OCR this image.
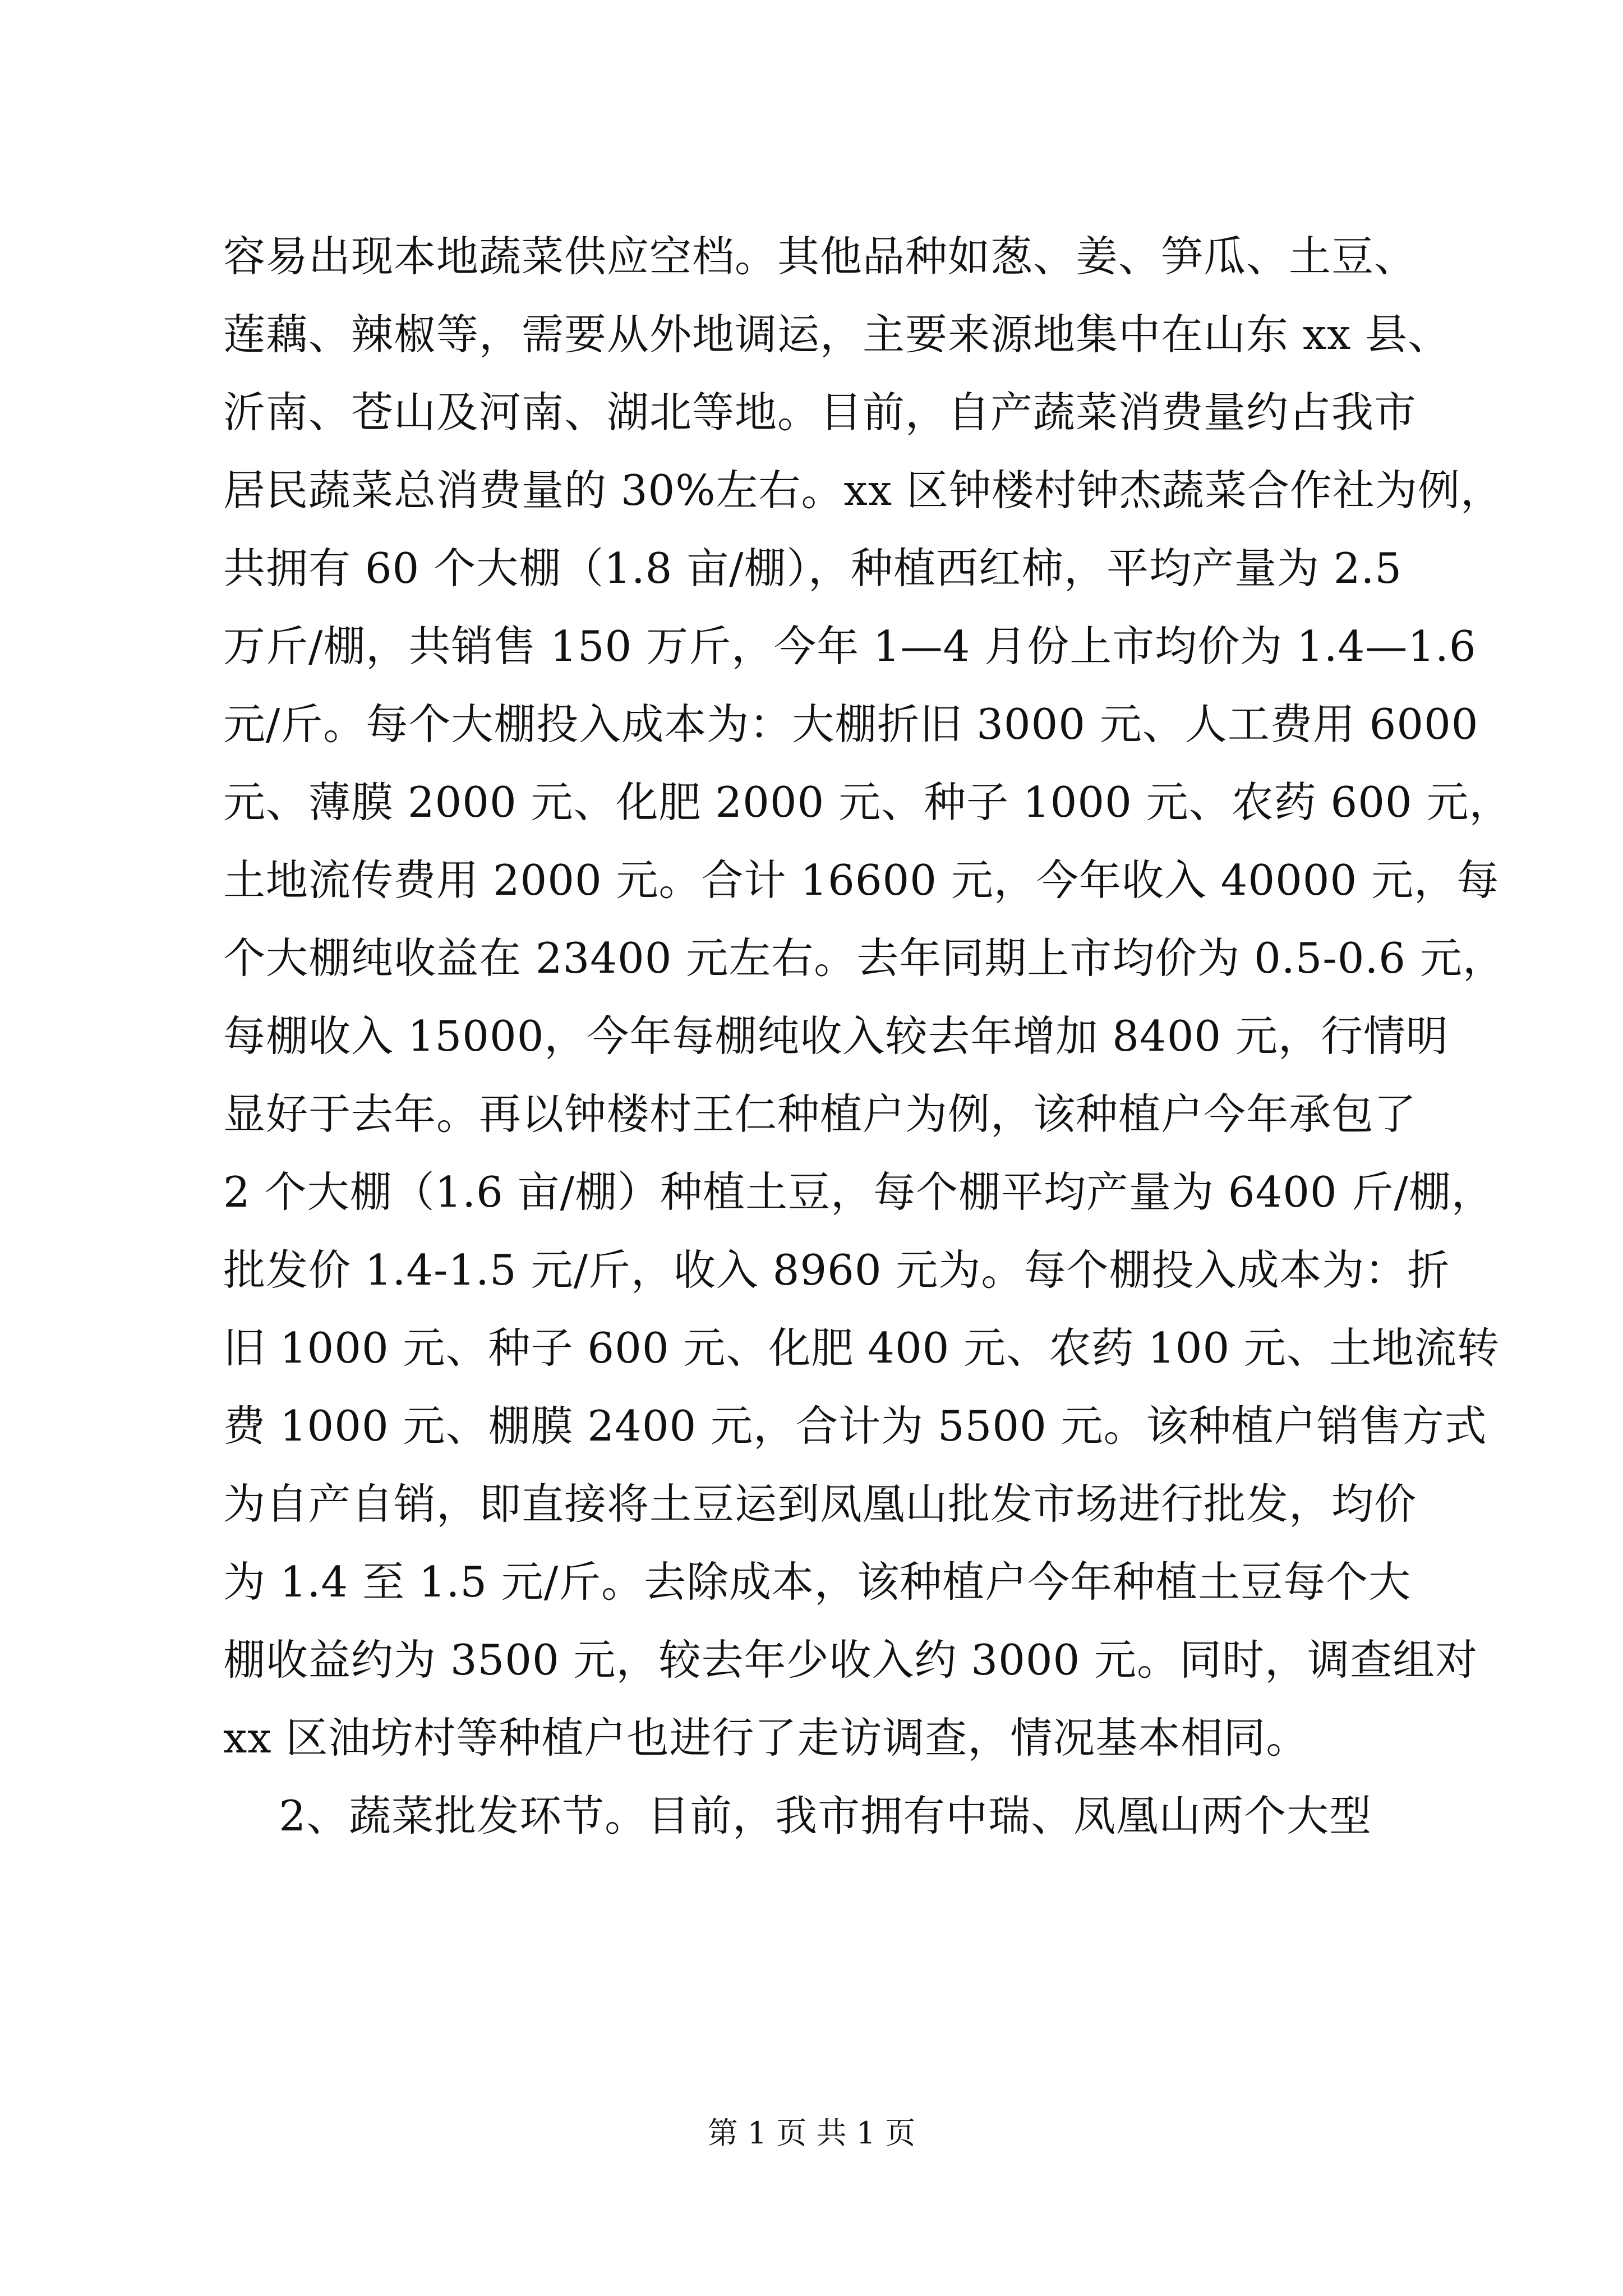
容易出现本地蔬菜供应空档。其他品种如葱、姜、笋瓜、土豆、
莲藕、辣椒等，需要从外地调运，主要来源地集中在山东 xx 县、
沂南、苍山及河南、湖北等地。目前，自产蔬菜消费量约占我市
居民蔬菜总消费量的 30%左右。xx 区钟楼村钟杰蔬菜合作社为例，
共拥有 60 个大棚（1.8 亩/棚），种植西红柿，平均产量为 2.5
万斤/棚，共销售 150 万斤，今年 1—4 月份上市均价为 1.4—1.6
元/斤。每个大棚投入成本为：大棚折旧 3000 元、人工费用 6000
元、薄膜 2000 元、化肥 2000 元、种子 1000 元、农药 600 元，
土地流传费用 2000 元。合计 16600 元，今年收入 40000 元，每
个大棚纯收益在 23400 元左右。去年同期上市均价为 0.5-0.6 元，
每棚收入 15000，今年每棚纯收入较去年增加 8400 元，行情明
显好于去年。再以钟楼村王仁种植户为例，该种植户今年承包了
2 个大棚（1.6 亩/棚）种植土豆，每个棚平均产量为 6400 斤/棚，
批发价 1.4-1.5 元/斤，收入 8960 元为。每个棚投入成本为：折
旧 1000 元、种子 600 元、化肥 400 元、农药 100 元、土地流转
费 1000 元、棚膜 2400 元，合计为 5500 元。该种植户销售方式
为自产自销，即直接将土豆运到凤凰山批发市场进行批发，均价
为 1.4 至 1.5 元/斤。去除成本，该种植户今年种植土豆每个大
棚收益约为 3500 元，较去年少收入约 3000 元。同时，调查组对
xx 区油坊村等种植户也进行了走访调查，情况基本相同。
2、蔬菜批发环节。目前，我市拥有中瑞、凤凰山两个大型
第 1 页 共 1 页
